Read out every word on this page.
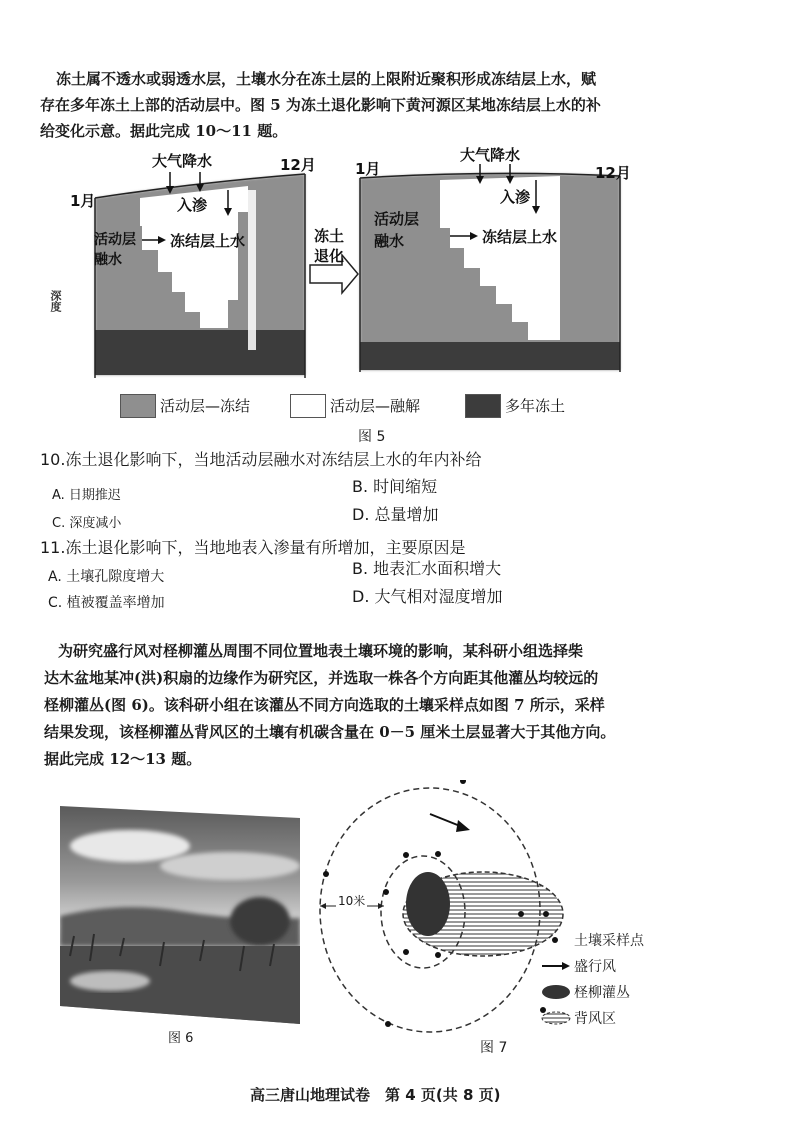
冻土属不透水或弱透水层，土壤水分在冻土层的上限附近聚积形成冻结层上水，赋
存在多年冻土上部的活动层中。图 5 为冻土退化影响下黄河源区某地冻结层上水的补
给变化示意。据此完成 10～11 题。
1月
12月
大气降水
入渗
活动层
融水
冻结层上水
深度
冻土
退化
1月	12月
大气降水
入渗
活动层
融水	冻结层上水
活动层—冻结	活动层—融解	多年冻土
图 5
10.冻土退化影响下，当地活动层融水对冻结层上水的年内补给
A. 日期推迟	B. 时间缩短
C. 深度减小	D. 总量增加
11.冻土退化影响下，当地地表入渗量有所增加，主要原因是
A. 土壤孔隙度增大	B. 地表汇水面积增大
C. 植被覆盖率增加	D. 大气相对湿度增加
为研究盛行风对柽柳灌丛周围不同位置地表土壤环境的影响，某科研小组选择柴
达木盆地某冲(洪)积扇的边缘作为研究区，并选取一株各个方向距其他灌丛均较远的
柽柳灌丛(图 6)。该科研小组在该灌丛不同方向选取的土壤采样点如图 7 所示，采样
结果发现，该柽柳灌丛背风区的土壤有机碳含量在 0－5 厘米土层显著大于其他方向。
据此完成 12～13 题。
图 6
10米
土壤采样点
盛行风
柽柳灌丛
背风区
图 7
高三唐山地理试卷　第 4 页(共 8 页)
